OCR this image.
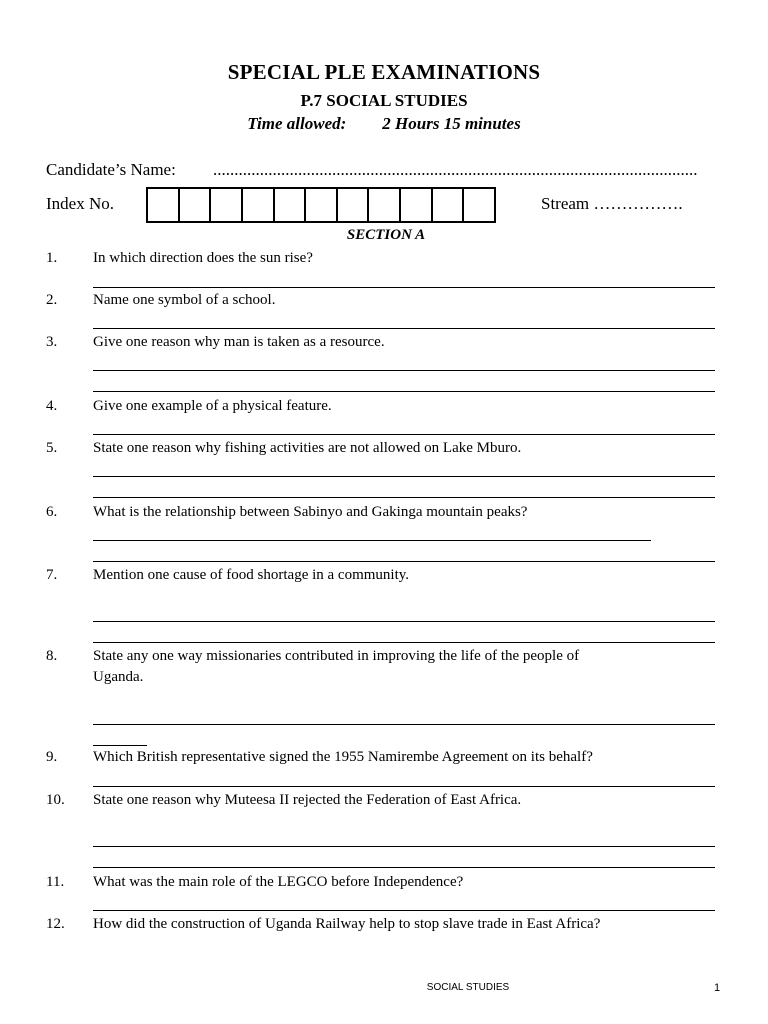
SPECIAL PLE EXAMINATIONS
P.7 SOCIAL STUDIES
Time allowed: 2 Hours 15 minutes
Candidate’s Name: ..................................................................................................................
Index No.	Stream …………….
SECTION A
1. In which direction does the sun rise?
2. Name one symbol of a school.
3. Give one reason why man is taken as a resource.
4. Give one example of a physical feature.
5. State one reason why fishing activities are not allowed on Lake Mburo.
6. What is the relationship between Sabinyo and Gakinga mountain peaks?
7. Mention one cause of food shortage in a community.
8. State any one way missionaries contributed in improving the life of the people of
Uganda.
9. Which British representative signed the 1955 Namirembe Agreement on its behalf?
10. State one reason why Muteesa II rejected the Federation of East Africa.
11. What was the main role of the LEGCO before Independence?
12. How did the construction of Uganda Railway help to stop slave trade in East Africa?
SOCIAL STUDIES	1
